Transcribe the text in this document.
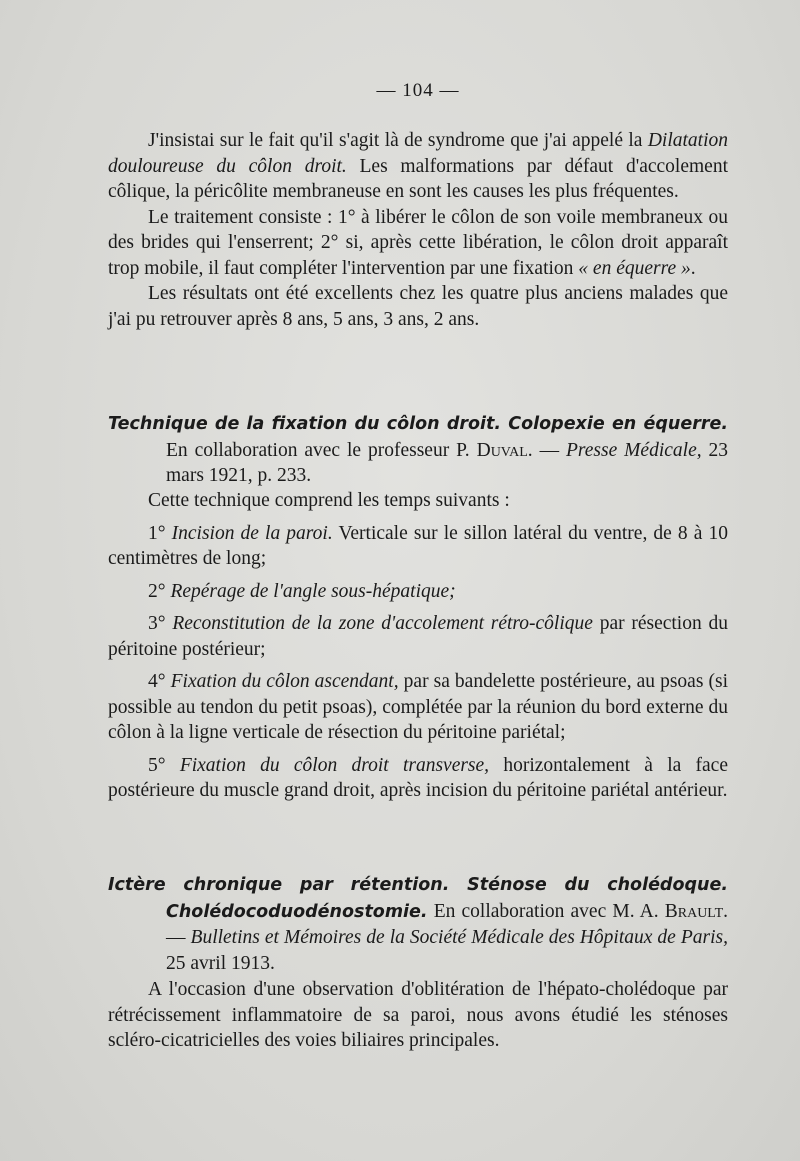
— 104 —

J'insistai sur le fait qu'il s'agit là de syndrome que j'ai appelé la Dilatation douloureuse du côlon droit. Les malformations par défaut d'accolement côlique, la péricôlite membraneuse en sont les causes les plus fréquentes.

Le traitement consiste : 1° à libérer le côlon de son voile membraneux ou des brides qui l'enserrent; 2° si, après cette libération, le côlon droit apparaît trop mobile, il faut compléter l'intervention par une fixation « en équerre ».

Les résultats ont été excellents chez les quatre plus anciens malades que j'ai pu retrouver après 8 ans, 5 ans, 3 ans, 2 ans.

Technique de la fixation du côlon droit. Colopexie en équerre. En collaboration avec le professeur P. Duval. — Presse Médicale, 23 mars 1921, p. 233.

Cette technique comprend les temps suivants :

1° Incision de la paroi. Verticale sur le sillon latéral du ventre, de 8 à 10 centimètres de long;

2° Repérage de l'angle sous-hépatique;

3° Reconstitution de la zone d'accolement rétro-côlique par résection du péritoine postérieur;

4° Fixation du côlon ascendant, par sa bandelette postérieure, au psoas (si possible au tendon du petit psoas), complétée par la réunion du bord externe du côlon à la ligne verticale de résection du péritoine pariétal;

5° Fixation du côlon droit transverse, horizontalement à la face postérieure du muscle grand droit, après incision du péritoine pariétal antérieur.

Ictère chronique par rétention. Sténose du cholédoque. Cholédocoduodénostomie. En collaboration avec M. A. Brault. — Bulletins et Mémoires de la Société Médicale des Hôpitaux de Paris, 25 avril 1913.

A l'occasion d'une observation d'oblitération de l'hépato-cholédoque par rétrécissement inflammatoire de sa paroi, nous avons étudié les sténoses scléro-cicatricielles des voies biliaires principales.
